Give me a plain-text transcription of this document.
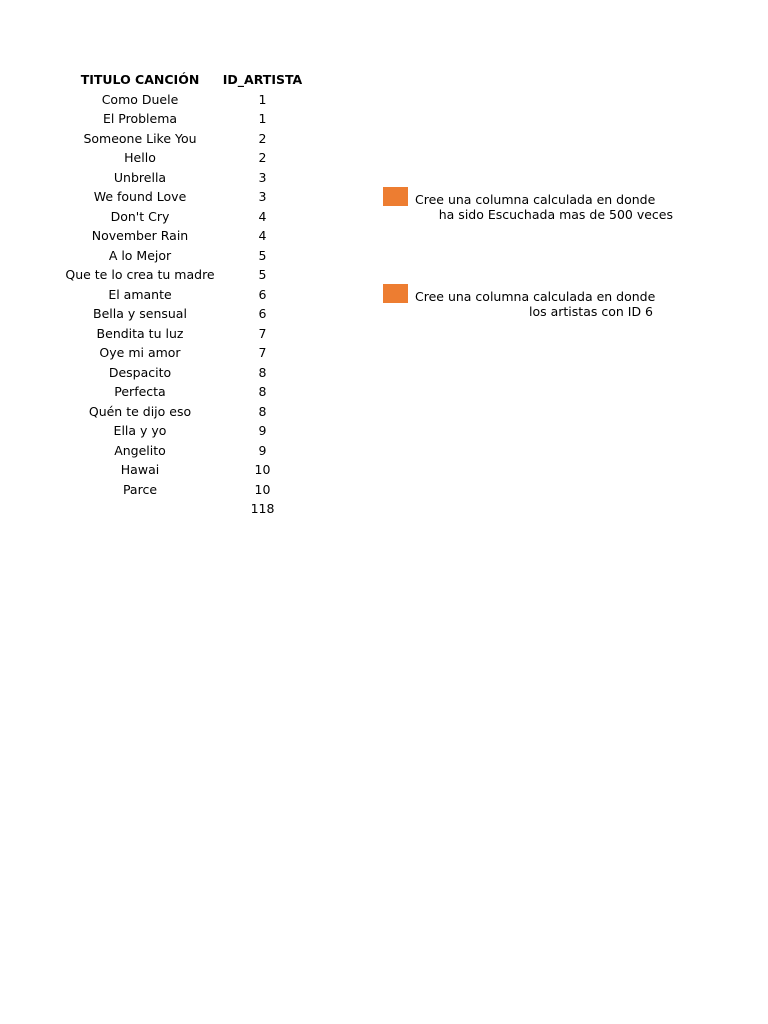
TITULO CANCIÓN	ID_ARTISTA
Como Duele	1
El Problema	1
Someone Like You	2
Hello	2
Unbrella	3
We found Love	3
Don't Cry	4
November Rain	4
A lo Mejor	5
Que te lo crea tu madre	5
El amante	6
Bella y sensual	6
Bendita tu luz	7
Oye mi amor	7
Despacito	8
Perfecta	8
Quén te dijo eso	8
Ella y yo	9
Angelito	9
Hawai	10
Parce	10
	118
Cree una columna calculada en donde
ha sido Escuchada mas de 500 veces
Cree una columna calculada en donde
los artistas con ID 6
